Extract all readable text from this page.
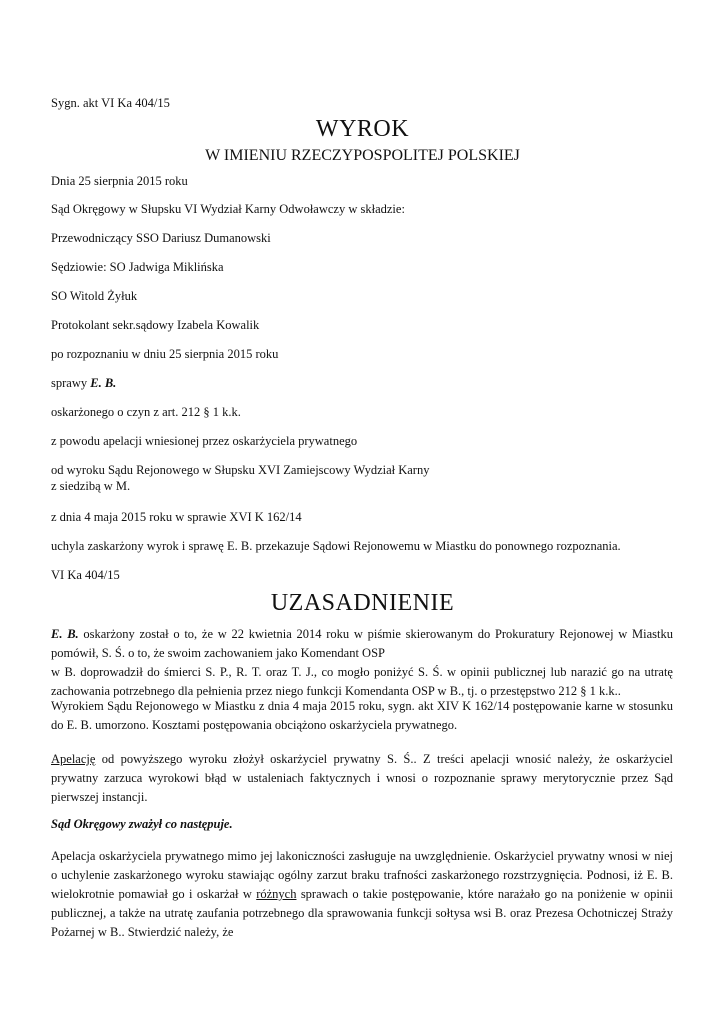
Sygn. akt VI Ka 404/15
WYROK
W IMIENIU RZECZYPOSPOLITEJ POLSKIEJ
Dnia 25 sierpnia 2015 roku
Sąd Okręgowy w Słupsku VI Wydział Karny Odwoławczy w składzie:
Przewodniczący SSO Dariusz Dumanowski
Sędziowie: SO Jadwiga Miklińska
SO Witold Żyłuk
Protokolant sekr.sądowy Izabela Kowalik
po rozpoznaniu w dniu 25 sierpnia 2015 roku
sprawy E. B.
oskarżonego o czyn z art. 212 § 1 k.k.
z powodu apelacji wniesionej przez oskarżyciela prywatnego
od wyroku Sądu Rejonowego w Słupsku XVI Zamiejscowy Wydział Karny
z siedzibą w M.
z dnia 4 maja 2015 roku w sprawie XVI K 162/14
uchyla zaskarżony wyrok i sprawę E. B. przekazuje Sądowi Rejonowemu w Miastku do ponownego rozpoznania.
VI Ka 404/15
UZASADNIENIE
E. B. oskarżony został o to, że w 22 kwietnia 2014 roku w piśmie skierowanym do Prokuratury Rejonowej w Miastku pomówił, S. Ś. o to, że swoim zachowaniem jako Komendant OSP
w B. doprowadził do śmierci S. P., R. T. oraz T. J., co mogło poniżyć S. Ś. w opinii publicznej lub narazić go na utratę zachowania potrzebnego dla pełnienia przez niego funkcji Komendanta OSP w B., tj. o przestępstwo 212 § 1 k.k..
Wyrokiem Sądu Rejonowego w Miastku z dnia 4 maja 2015 roku, sygn. akt XIV K 162/14 postępowanie karne w stosunku do E. B. umorzono. Kosztami postępowania obciążono oskarżyciela prywatnego.
Apelację od powyższego wyroku złożył oskarżyciel prywatny S. Ś.. Z treści apelacji wnosić należy, że oskarżyciel prywatny zarzuca wyrokowi błąd w ustaleniach faktycznych i wnosi o rozpoznanie sprawy merytorycznie przez Sąd pierwszej instancji.
Sąd Okręgowy zważył co następuje.
Apelacja oskarżyciela prywatnego mimo jej lakoniczności zasługuje na uwzględnienie. Oskarżyciel prywatny wnosi w niej o uchylenie zaskarżonego wyroku stawiając ogólny zarzut braku trafności zaskarżonego rozstrzygnięcia. Podnosi, iż E. B. wielokrotnie pomawiał go i oskarżał w różnych sprawach o takie postępowanie, które narażało go na poniżenie w opinii publicznej, a także na utratę zaufania potrzebnego dla sprawowania funkcji sołtysa wsi B. oraz Prezesa Ochotniczej Straży Pożarnej w B.. Stwierdzić należy, że
